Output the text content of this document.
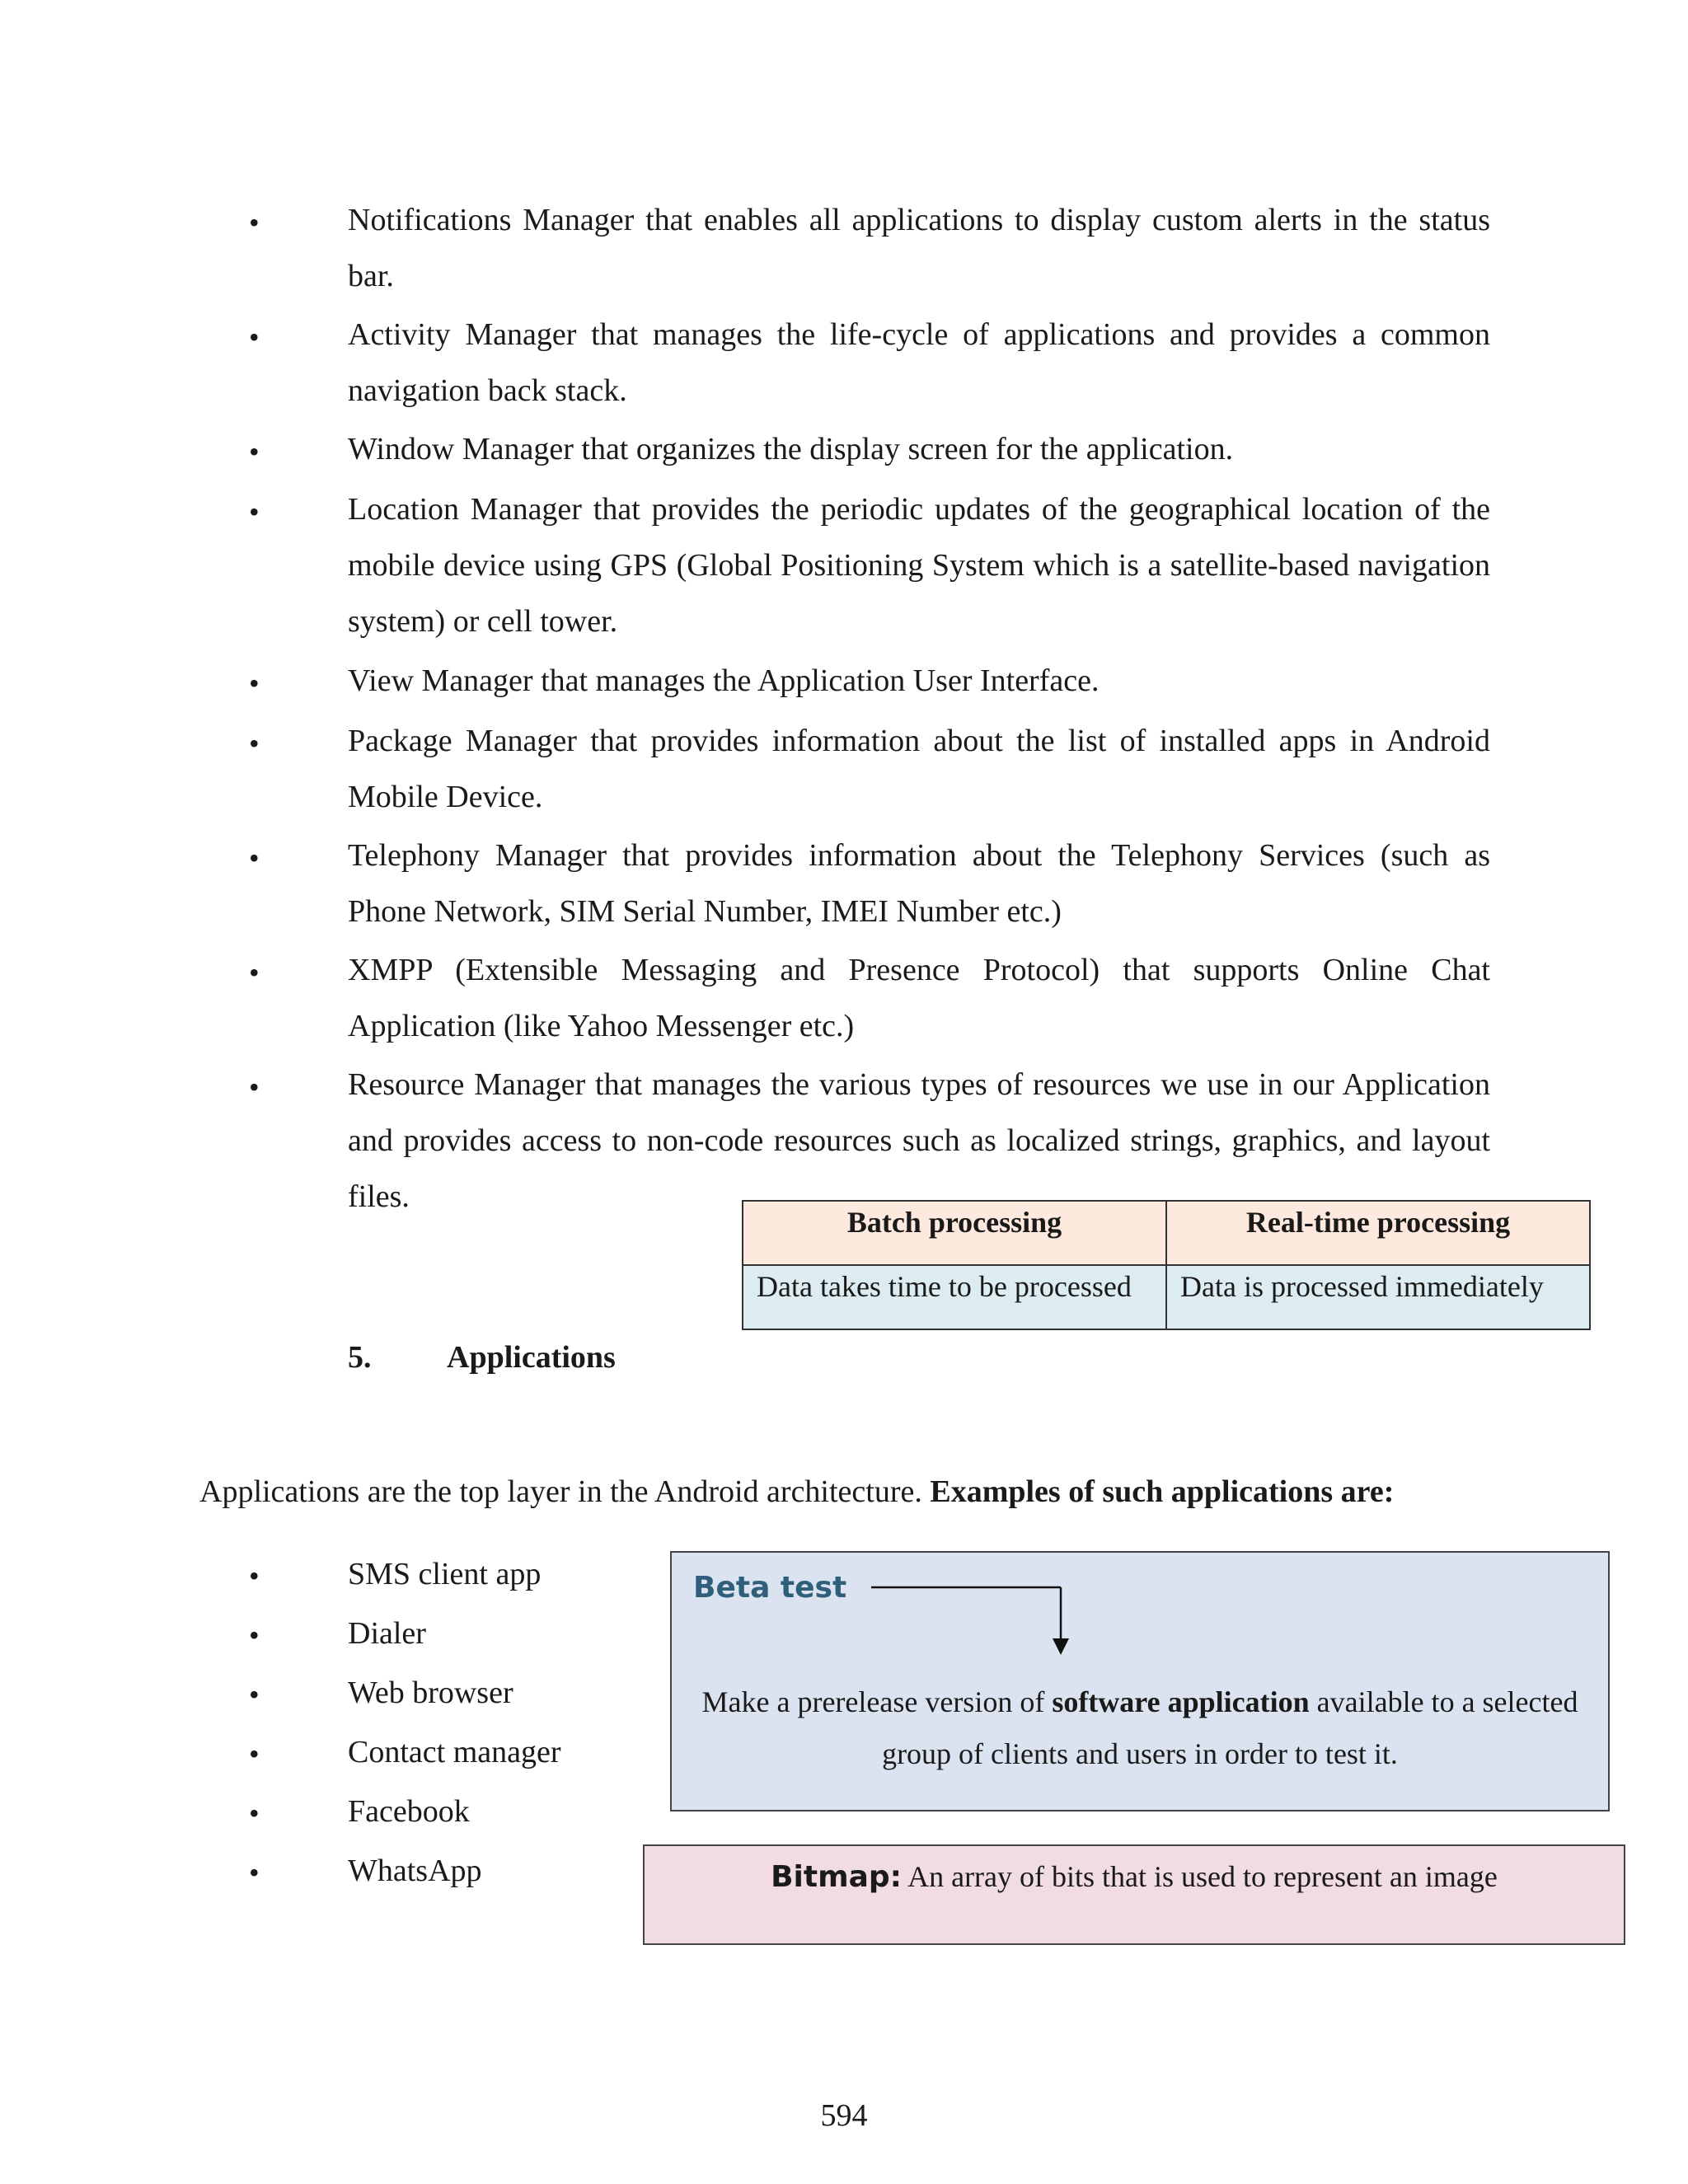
•	Notifications Manager that enables all applications to display custom alerts in the status bar.

•	Activity Manager that manages the life-cycle of applications and provides a common navigation back stack.

•	Window Manager that organizes the display screen for the application.

•	Location Manager that provides the periodic updates of the geographical location of the mobile device using GPS (Global Positioning System which is a satellite-based navigation system) or cell tower.

•	View Manager that manages the Application User Interface.

•	Package Manager that provides information about the list of installed apps in Android Mobile Device.

•	Telephony Manager that provides information about the Telephony Services (such as Phone Network, SIM Serial Number, IMEI Number etc.)

•	XMPP (Extensible Messaging and Presence Protocol) that supports Online Chat Application (like Yahoo Messenger etc.)

•	Resource Manager that manages the various types of resources we use in our Application and provides access to non-code resources such as localized strings, graphics, and layout files.

Batch processing	Real-time processing
Data takes time to be processed	Data is processed immediately
5. Applications
Applications are the top layer in the Android architecture. Examples of such applications are:
•	SMS client app
•	Dialer
•	Web browser
•	Contact manager
•	Facebook
•	WhatsApp
Beta test
Make a prerelease version of software application available to a selected group of clients and users in order to test it.
Bitmap: An array of bits that is used to represent an image
594
